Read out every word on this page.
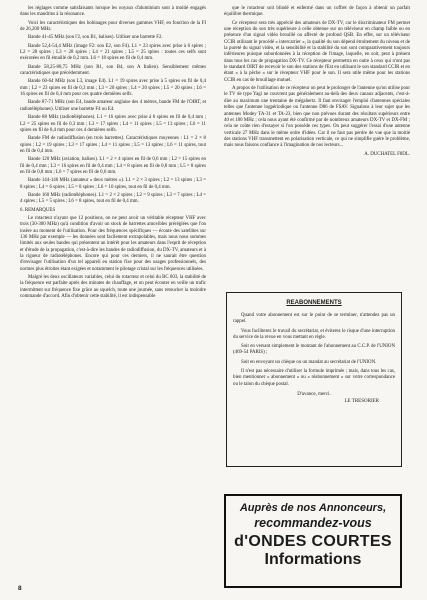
les réglages comme satisfaisants lorsque les noyaux d'aluminium sont à moitié engagés dans les mandrins à la résonance.

Voici les caractéristiques des bobinages pour diverses gammes VHF, en fonction de la FI de 26,200 MHz.

Bande 41-45 MHz (son l'2, son B1, balises). Utiliser une barrette F2.

Bande 52,4-54,4 MHz (image F2: son E2, son F4). L1 = 23 spires avec prise à 6 spires ; L2 = 28 spires ; L3 = 28 spires ; L4 = 21 spires ; L5 = 25 spires : toutes ces selfs sont exécutées en fil émaillé de 0,2 mm. L6 = 18 spires en fil de 0,4 mm.

Bande 58,25-88,75 MHz (son R1, son B4, son A Italien). Sensiblement mêmes caractéristiques que précédemment.

Bande 60-64 MHz (son L3, image E4). L1 = 19 spires avec prise à 5 spires en fil de 0,4 mm ; L2 = 23 spires en fil de 0,3 mm ; L3 = 20 spires ; L4 = 20 spires ; L5 = 20 spires ; L6 = 16 spires en fil de 0,4 mm pour ces quatre dernières selfs.

Bande 87-71 MHz (son E4, bande amateur anglaise des 4 mètres, bande FM de l'OIRT, et radiotéléphones). Utiliser une barrette F4 ou E4.

Bande 88 MHz (radiotéléphones). L1 = 16 spires avec prise à 6 spires en fil de 0,4 mm ; L2 = 25 spires en fil de 0,3 mm ; L3 = 17 spires ; L4 = 11 spires ; L5 = 13 spires ; L6 = 11 spires en fil de 0,4 mm pour ces 4 dernières selfs.

Bande FM de radiodiffusion (en trois barrettes). Caractéristiques moyennes : L1 = 2 × 8 spires ; L2 = 19 spires ; L3 = 17 spires ; L4 = 11 spires ; L5 = 13 spires ; L6 = 11 spires, tout en fil de 0,4 mm.

Bande 120 MHz (aviation, balises). L1 = 2 × 4 spires en fil de 0,6 mm ; L2 = 15 spires en fil de 0,4 mm ; L3 = 16 spires en fil de 0,4 mm ; L4 = 8 spires en fil de 0,8 mm ; L5 = 8 spires en fil de 0,8 mm ; L6 = 7 spires en fil de 0,6 mm.

Bande 144-146 MHz (amateur « deux mètres »). L1 = 2 × 3 spires ; L2 = 13 spires ; L3 = 8 spires ; L4 = 6 spires ; L5 = 8 spires ; L6 = 10 spires, tout en fil de 0,4 mm.

Bande 160 MHz (radiotéléphones). L1 = 2 × 2 spires ; L2 = 9 spires ; L3 = 7 spires ; L4 = 4 spires ; L5 = 5 spires ; L6 = 8 spires, tout en fil de 0,4 mm.

6. REMARQUES

Le rotacteur n'ayant que 12 positions, on ne peut avoir un véritable récepteur VHF avec trois (30-300 MHz) qu'à condition d'avoir un stock de barrettes amovibles préréglées que l'on insère au moment de l'utilisation. Pour des fréquences spécifiques — écoute des satellites sur 136 MHz par exemple — les données sont facilement extrapolables, mais nous nous sommes limités aux seules bandes qui présentent un intérêt pour les amateurs dans l'esprit de réception et d'étude de la propagation, c'est-à-dire les bandes de radiodiffusion, du DX-TV, amateurs et à la rigueur de radiotéléphones. Encore qui pour ces derniers, il ne saurait être question d'envisager l'utilisation d'un tel appareil en station fixe pour des usages professionnels, des normes plus étroites étant exigées et notamment le pilotage cristal sur les fréquences utilisées.

Malgré les deux oscillateurs variables, celui du rotacteur et celui du BC 603, la stabilité de la fréquence est parfaite après des minutes de chauffage, et on peut écouter en veille un trafic intermittent sur fréquence fixe grâce au squelch, toute une journée, sans retoucher la moindre commande d'accord. Afin d'obtenir cette stabilité, il est indispensable

que le rotacteur soit blindé et enfermé dans un coffret de façon à obtenir un parfait équilibre thermique.

Ce récepteur sera très apprécié des amateurs de DX-TV, car le discriminateur FM permet une réception du son très supérieure à celle obtenue sur un téléviseur en champ faible ou en présence d'un signal vidéo brouillé ou affecté de profond QSB. En effet, sur un téléviseur CCIR utilisant le procédé « intercarrier », la qualité du son dépend étroitement du niveau et de la pureté du signal vidéo, et la sensibilité et la stabilité du son sont comparativement toujours inférieures puisque subordonnées à la réception de l'image, laquelle, en soit, peut à présent dans tous les cas de propagation DX-TV. Ce récepteur permettra en outre à ceux qui n'ont pas le standard OIRT de recevoir le son des stations de l'Est en utilisant le son standard CCIR et en étant « à la pêche » sur le récepteur VHF pour le son. Il sera utile même pour les stations CCIR en cas de brouillage mutuel.

A propos de l'utilisation de ce récepteur on peut le prolonger de l'antenne qu'on utilise pour le TV de type Yagi ne couvrent pas généralement au-delà des deux canaux adjacents, c'est-à-dire au maximum une trentaine de mégahertz. Il faut envisager l'emploi d'antennes spéciales telles que l'antenne logpériodique ou l'antenne D86 de FSAV. Signalons à leur sujet que les antennes Modey TA-31 et TA-23, bien que non prévues durant des résultats supérieurs entre 40 et 180 MHz ; cela nous ayant été confirmé par de nombreux amateurs DX-TV et DX-FM ; cela ne coûte rien d'essayer si l'on possède ces types. On peut suggérer l'essai d'une antenne verticale 27 MHz dans le même ordre d'idées. Car il ne faut pas perdre de vue que la moitié des stations VHF transmettent en polarisation verticale, ce qui ne simplifie guère le problème, mais nous faisons confiance à l'imagination de nos lecteurs...

A. DUCHATEL F8DL.

REABONNEMENTS

Quand votre abonnement est sur le point de se terminer, n'attendez pas un rappel.

Vous faciliterez le travail du secrétariat, et éviterez le risque d'une interruption du service de la revue en vous mettant en règle.

Soit en versant simplement le montant de l'abonnement au C.C.P. de l'UNION (469-54 PARIS) ;

Soit en envoyant un chèque ou un mandat au secrétariat de l'UNION.

Il n'est pas nécessaire d'utiliser la formule imprimée ; mais, dans tous les cas, bien mentionner « abonnement » ou « réabonnement » sur votre correspondance ou le talon du chèque postal.

D'avance, merci.
LE TRESORIER
Auprès de nos Annonceurs,
recommandez-vous
d'ONDES COURTES
Informations
8
